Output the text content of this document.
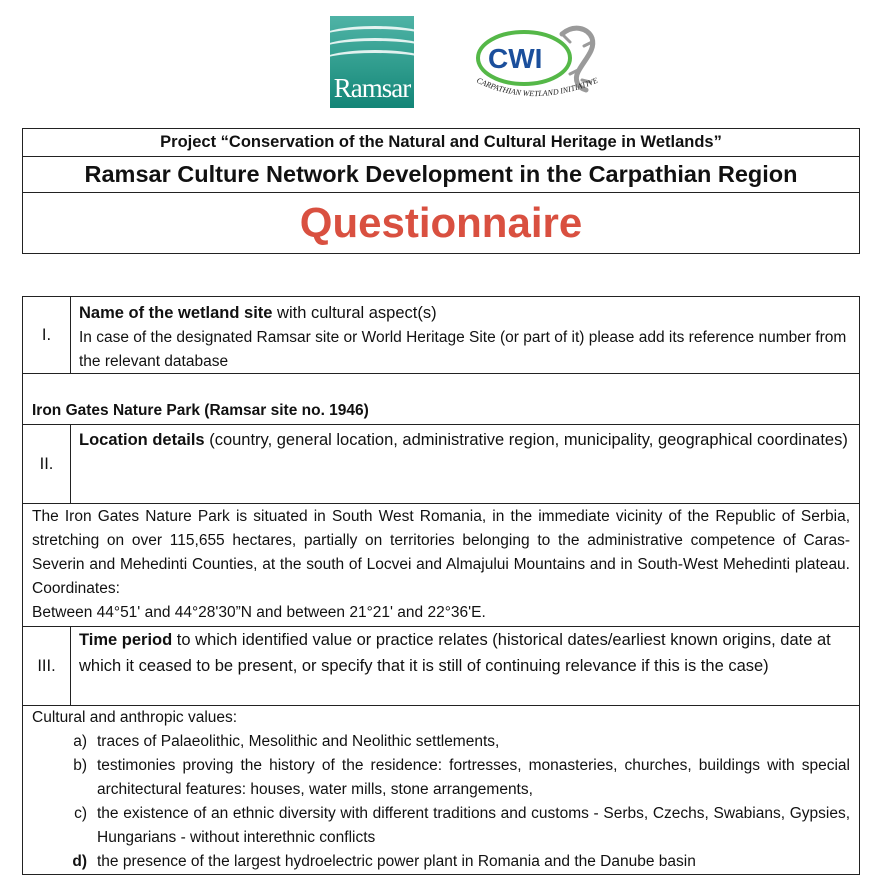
Ramsar
CWI
CARPATHIAN WETLAND INITIATIVE
Project “Conservation of the Natural and Cultural Heritage in Wetlands”
Ramsar Culture Network Development in the Carpathian Region
Questionnaire
I.
Name of the wetland site with cultural aspect(s)
In case of the designated Ramsar site or World Heritage Site (or part of it) please add its reference number from the relevant database
Iron Gates Nature Park (Ramsar site no. 1946)
II.
Location details (country, general location, administrative region, municipality, geographical coordinates)
The Iron Gates Nature Park is situated in South West Romania, in the immediate vicinity of the Republic of Serbia, stretching on over 115,655 hectares, partially on territories belonging to the administrative competence of Caras-Severin and Mehedinti Counties, at the south of Locvei and Almajului Mountains and in South-West Mehedinti plateau. Coordinates:
Between 44°51' and 44°28'30”N and between 21°21' and 22°36'E.
III.
Time period to which identified value or practice relates (historical dates/earliest known origins, date at which it ceased to be present, or specify that it is still of continuing relevance if this is the case)
Cultural and anthropic values:
a) traces of Palaeolithic, Mesolithic and Neolithic settlements,
b) testimonies proving the history of the residence: fortresses, monasteries, churches, buildings with special architectural features: houses, water mills, stone arrangements,
c) the existence of an ethnic diversity with different traditions and customs - Serbs, Czechs, Swabians, Gypsies, Hungarians - without interethnic conflicts
d) the presence of the largest hydroelectric power plant in Romania and the Danube basin
